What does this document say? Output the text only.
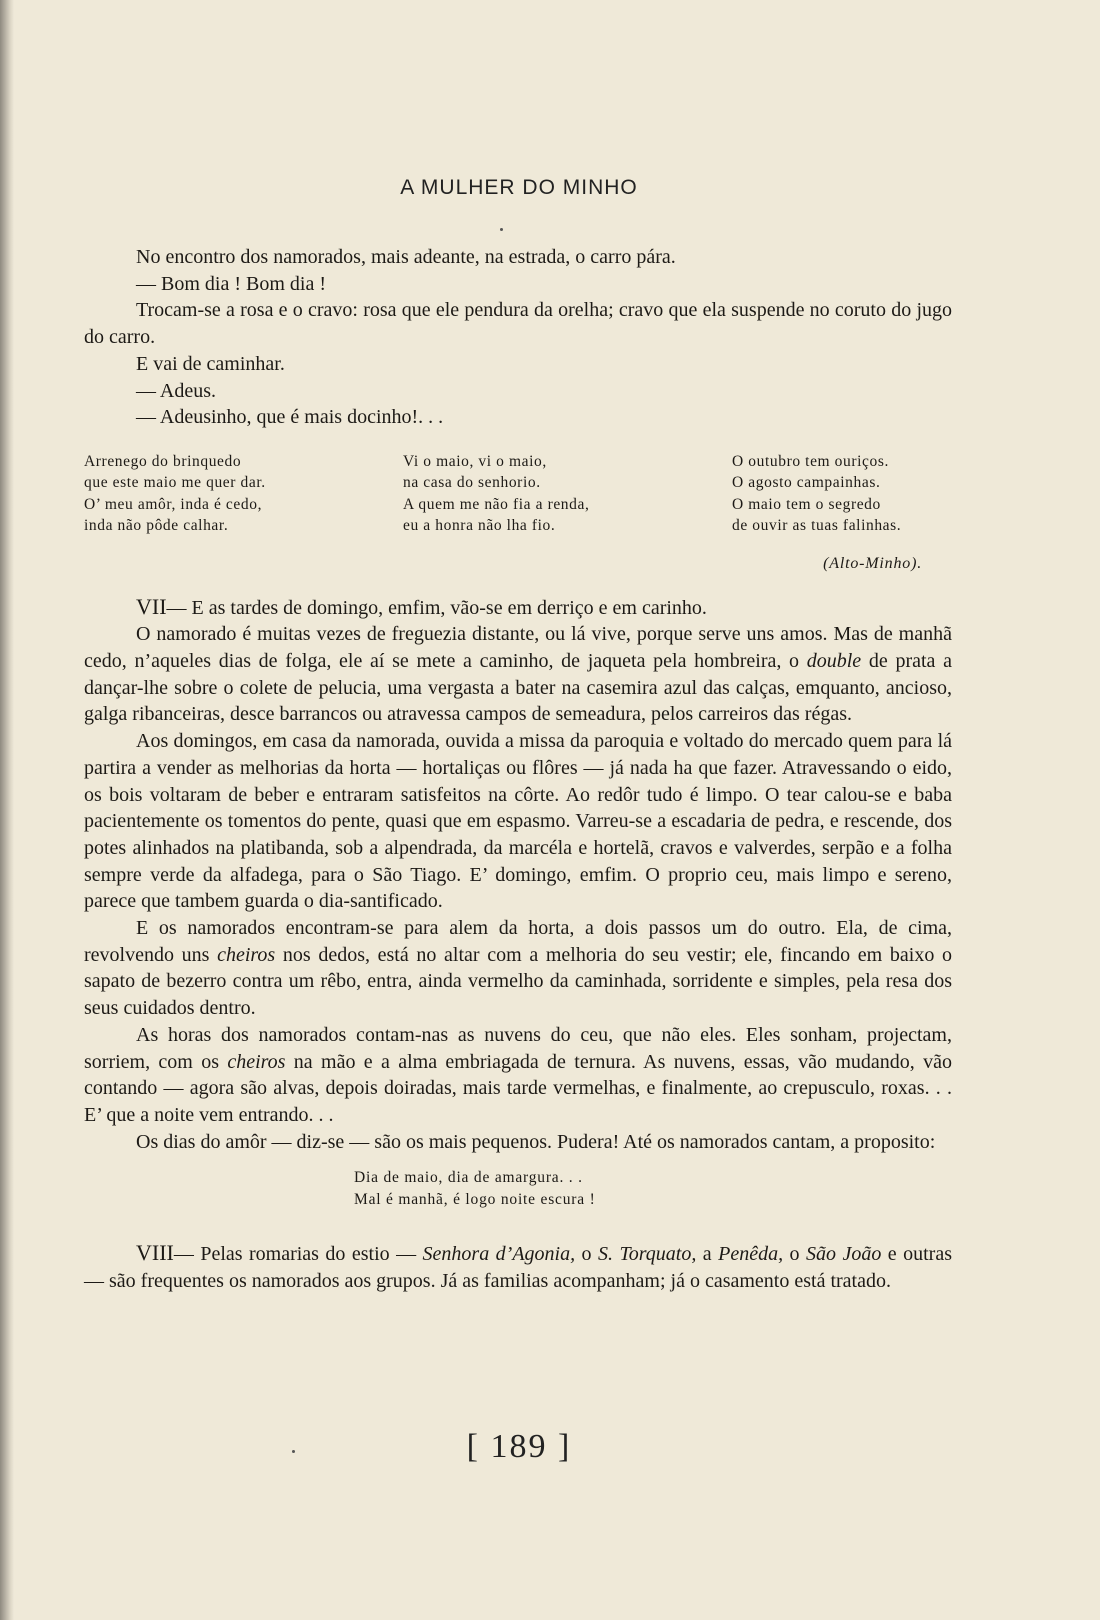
A MULHER DO MINHO

No encontro dos namorados, mais adeante, na estrada, o carro pára.

— Bom dia ! Bom dia !

Trocam-se a rosa e o cravo: rosa que ele pendura da orelha; cravo que ela suspende no coruto do jugo do carro.

E vai de caminhar.

— Adeus.

— Adeusinho, que é mais docinho!. . .

Arrenego do brinquedo
que este maio me quer dar.
O’ meu amôr, inda é cedo,
inda não pôde calhar.
Vi o maio, vi o maio,
na casa do senhorio.
A quem me não fia a renda,
eu a honra não lha fio.
O outubro tem ouriços.
O agosto campainhas.
O maio tem o segredo
de ouvir as tuas falinhas.
(Alto-Minho).

VII— E as tardes de domingo, emfim, vão-se em derriço e em carinho.

O namorado é muitas vezes de freguezia distante, ou lá vive, porque serve uns amos. Mas de manhã cedo, n’aqueles dias de folga, ele aí se mete a caminho, de jaqueta pela hombreira, o double de prata a dançar-lhe sobre o colete de pelucia, uma vergasta a bater na casemira azul das calças, emquanto, ancioso, galga ribanceiras, desce barrancos ou atravessa campos de semeadura, pelos carreiros das régas.

Aos domingos, em casa da namorada, ouvida a missa da paroquia e voltado do mercado quem para lá partira a vender as melhorias da horta — hortaliças ou flôres — já nada ha que fazer. Atravessando o eido, os bois voltaram de beber e entraram satisfeitos na côrte. Ao redôr tudo é limpo. O tear calou-se e baba pacientemente os tomentos do pente, quasi que em espasmo. Varreu-se a escadaria de pedra, e rescende, dos potes alinhados na platibanda, sob a alpendrada, da marcéla e hortelã, cravos e valverdes, serpão e a folha sempre verde da alfadega, para o São Tiago. E’ domingo, emfim. O proprio ceu, mais limpo e sereno, parece que tambem guarda o dia-santificado.

E os namorados encontram-se para alem da horta, a dois passos um do outro. Ela, de cima, revolvendo uns cheiros nos dedos, está no altar com a melhoria do seu vestir; ele, fincando em baixo o sapato de bezerro contra um rêbo, entra, ainda vermelho da caminhada, sorridente e simples, pela resa dos seus cuidados dentro.

As horas dos namorados contam-nas as nuvens do ceu, que não eles. Eles sonham, projectam, sorriem, com os cheiros na mão e a alma embriagada de ternura. As nuvens, essas, vão mudando, vão contando — agora são alvas, depois doiradas, mais tarde vermelhas, e finalmente, ao crepusculo, roxas. . . E’ que a noite vem entrando. . .

Os dias do amôr — diz-se — são os mais pequenos. Pudera! Até os namorados cantam, a proposito:

Dia de maio, dia de amargura. . .
Mal é manhã, é logo noite escura !

VIII— Pelas romarias do estio — Senhora d’Agonia, o S. Torquato, a Penêda, o São João e outras — são frequentes os namorados aos grupos. Já as familias acompanham; já o casamento está tratado.

[ 189 ]
